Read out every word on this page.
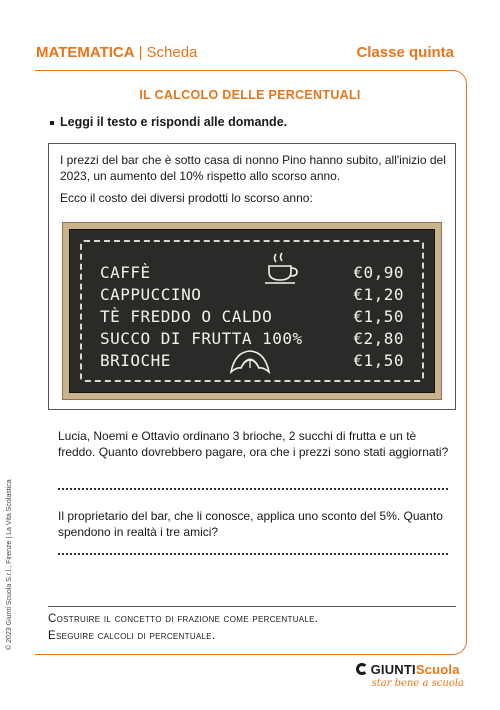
MATEMATICA | Scheda	Classe quinta
IL CALCOLO DELLE PERCENTUALI
Leggi il testo e rispondi alle domande.
I prezzi del bar che è sotto casa di nonno Pino hanno subito, all'inizio del 2023, un aumento del 10% rispetto allo scorso anno.
Ecco il costo dei diversi prodotti lo scorso anno:
CAFFÈ	€0,90
CAPPUCCINO	€1,20
TÈ FREDDO O CALDO	€1,50
SUCCO DI FRUTTA 100%	€2,80
BRIOCHE	€1,50
Lucia, Noemi e Ottavio ordinano 3 brioche, 2 succhi di frutta e un tè freddo. Quanto dovrebbero pagare, ora che i prezzi sono stati aggiornati?
Il proprietario del bar, che li conosce, applica uno sconto del 5%. Quanto spendono in realtà i tre amici?
Costruire il concetto di frazione come percentuale.
Eseguire calcoli di percentuale.
© 2023 Giunti Scuola S.r.l., Firenze | La Vita Scolastica
GIUNTIScuola
star bene a scuola
